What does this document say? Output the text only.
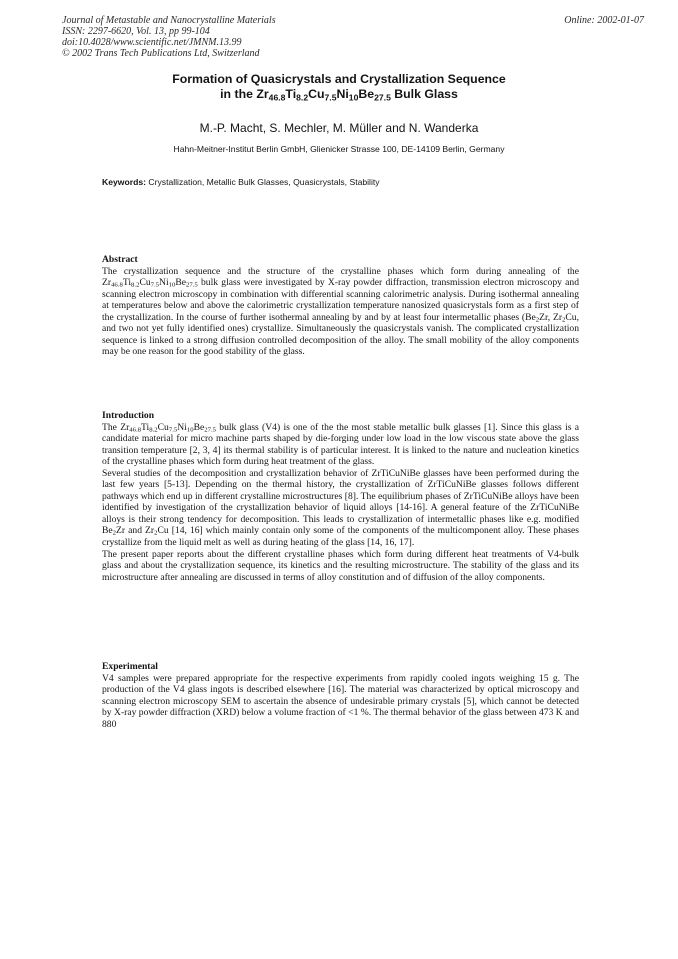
Journal of Metastable and Nanocrystalline Materials
ISSN: 2297-6620, Vol. 13, pp 99-104
doi:10.4028/www.scientific.net/JMNM.13.99
© 2002 Trans Tech Publications Ltd, Switzerland
Online: 2002-01-07
Formation of Quasicrystals and Crystallization Sequence
in the $Zr_{46.8}Ti_{8.2}Cu_{7.5}Ni_{10}Be_{27.5}$ Bulk Glass
M.-P. Macht, S. Mechler, M. Müller and N. Wanderka
Hahn-Meitner-Institut Berlin GmbH, Glienicker Strasse 100, DE-14109 Berlin, Germany
Keywords: Crystallization, Metallic Bulk Glasses, Quasicrystals, Stability
Abstract

The crystallization sequence and the structure of the crystalline phases which form during annealing of the $Zr_{46.8}Ti_{8.2}Cu_{7.5}Ni_{10}Be_{27.5}$ bulk glass were investigated by X-ray powder diffraction, transmission electron microscopy and scanning electron microscopy in combination with differential scanning calorimetric analysis. During isothermal annealing at temperatures below and above the calorimetric crystallization temperature nanosized quasicrystals form as a first step of the crystallization. In the course of further isothermal annealing by and by at least four intermetallic phases ($Be_2Zr$, $Zr_2Cu$, and two not yet fully identified ones) crystallize. Simultaneously the quasicrystals vanish. The complicated crystallization sequence is linked to a strong diffusion controlled decomposition of the alloy. The small mobility of the alloy components may be one reason for the good stability of the glass.

Introduction

The $Zr_{46.8}Ti_{8.2}Cu_{7.5}Ni_{10}Be_{27.5}$ bulk glass (V4) is one of the the most stable metallic bulk glasses [1]. Since this glass is a candidate material for micro machine parts shaped by die-forging under low load in the low viscous state above the glass transition temperature [2, 3, 4] its thermal stability is of particular interest. It is linked to the nature and nucleation kinetics of the crystalline phases which form during heat treatment of the glass.

Several studies of the decomposition and crystallization behavior of ZrTiCuNiBe glasses have been performed during the last few years [5-13]. Depending on the thermal history, the crystallization of ZrTiCuNiBe glasses follows different pathways which end up in different crystalline microstructures [8]. The equilibrium phases of ZrTiCuNiBe alloys have been identified by investigation of the crystallization behavior of liquid alloys [14-16]. A general feature of the ZrTiCuNiBe alloys is their strong tendency for decomposition. This leads to crystallization of intermetallic phases like e.g. modified $Be_2Zr$ and $Zr_2Cu$ [14, 16] which mainly contain only some of the components of the multicomponent alloy. These phases crystallize from the liquid melt as well as during heating of the glass [14, 16, 17].

The present paper reports about the different crystalline phases which form during different heat treatments of V4-bulk glass and about the crystallization sequence, its kinetics and the resulting microstructure. The stability of the glass and its microstructure after annealing are discussed in terms of alloy constitution and of diffusion of the alloy components.

Experimental

V4 samples were prepared appropriate for the respective experiments from rapidly cooled ingots weighing 15 g. The production of the V4 glass ingots is described elsewhere [16]. The material was characterized by optical microscopy and scanning electron microscopy SEM to ascertain the absence of undesirable primary crystals [5], which cannot be detected by X-ray powder diffraction (XRD) below a volume fraction of <1 %. The thermal behavior of the glass between 473 K and 880
